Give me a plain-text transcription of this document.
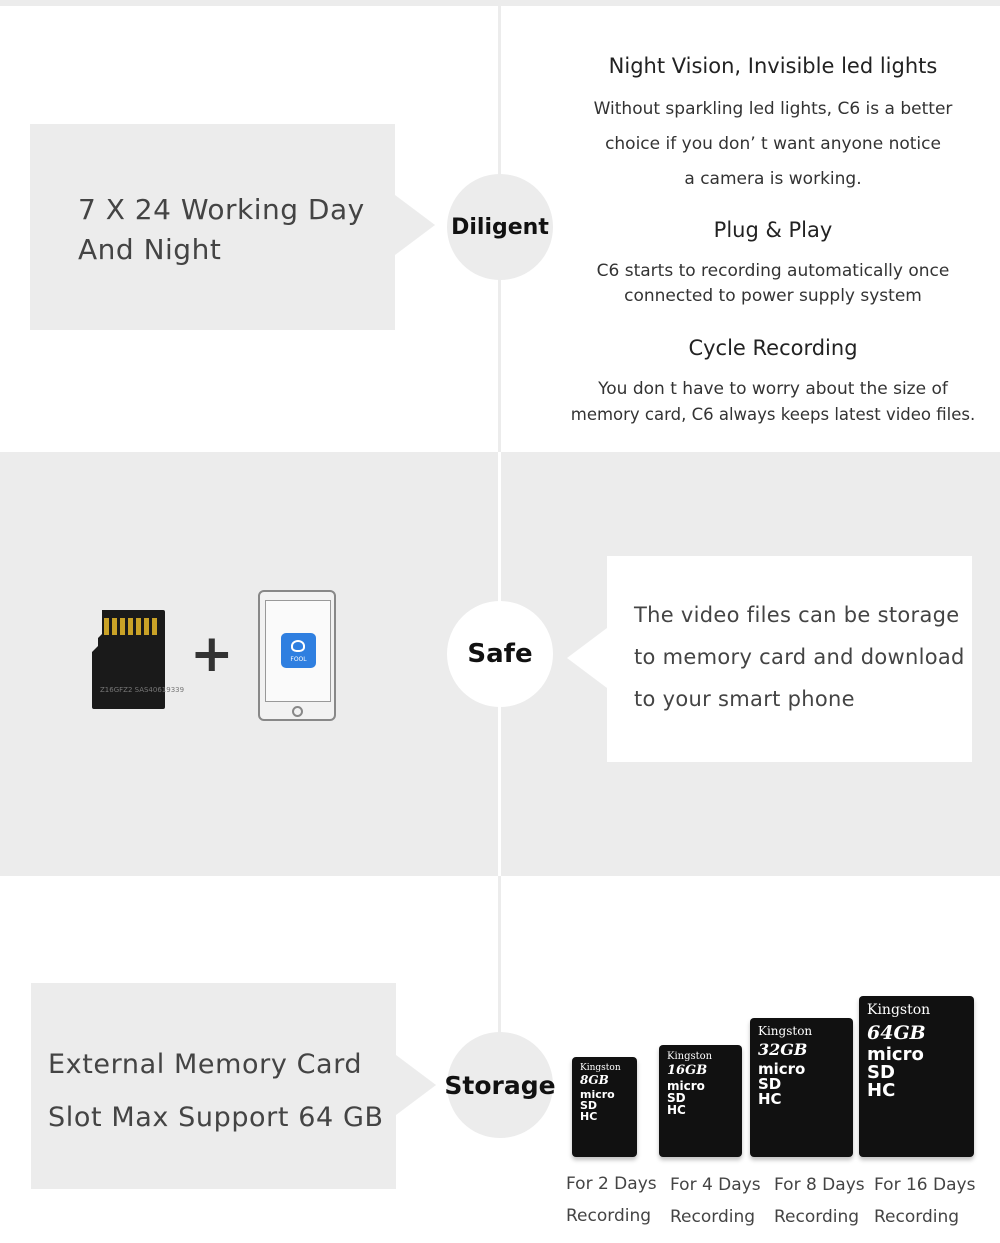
7 X 24 Working Day
And Night
Diligent
Night Vision, Invisible led lights
Without sparkling led lights, C6 is a better
choice if you don’ t want anyone notice
a camera is working.
Plug & Play
C6 starts to recording automatically once
connected to power supply system
Cycle Recording
You don t have to worry about the size of
memory card, C6 always keeps latest video files.
Z16GFZ2 SAS40619339
+	FOOL	Safe
The video files can be storage
to memory card and download
to your smart phone
External Memory Card
Slot Max Support 64 GB
Storage
Kingston
8GB
micro
SD
HC
Kingston
16GB
micro
SD
HC
Kingston
32GB
micro
SD
HC
Kingston
64GB
micro
SD
HC
For 2 Days
Recording
For 4 Days
Recording
For 8 Days
Recording
For 16 Days
Recording
